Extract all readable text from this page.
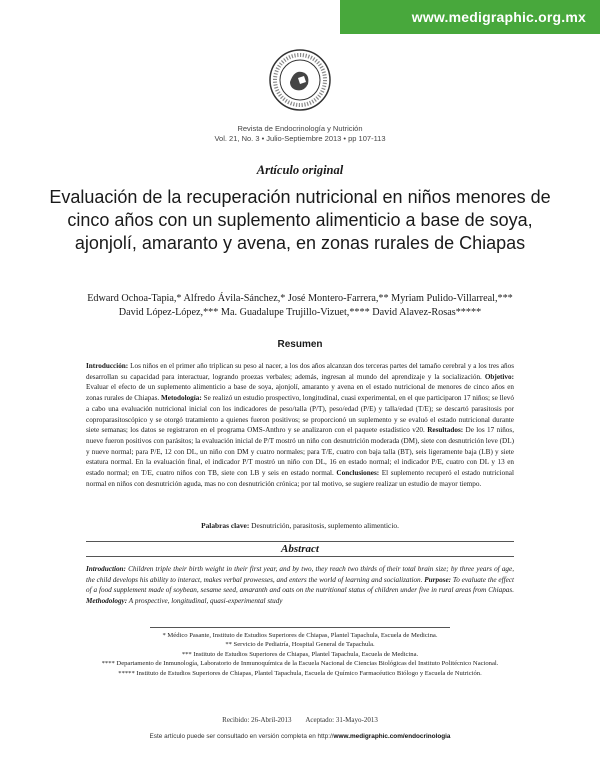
www.medigraphic.org.mx
Revista de Endocrinología y Nutrición
Vol. 21, No. 3 • Julio-Septiembre 2013 • pp 107-113
Artículo original
Evaluación de la recuperación nutricional en niños menores de cinco años con un suplemento alimenticio a base de soya, ajonjolí, amaranto y avena, en zonas rurales de Chiapas
Edward Ochoa-Tapia,* Alfredo Ávila-Sánchez,* José Montero-Farrera,** Myriam Pulido-Villarreal,***
David López-López,*** Ma. Guadalupe Trujillo-Vizuet,**** David Alavez-Rosas*****
Resumen

Introducción: Los niños en el primer año triplican su peso al nacer, a los dos años alcanzan dos terceras partes del tamaño cerebral y a los tres años desarrollan su capacidad para interactuar, logrando proezas verbales; además, ingresan al mundo del aprendizaje y la socialización. Objetivo: Evaluar el efecto de un suplemento alimenticio a base de soya, ajonjolí, amaranto y avena en el estado nutricional de menores de cinco años en zonas rurales de Chiapas. Metodología: Se realizó un estudio prospectivo, longitudinal, cuasi experimental, en el que participaron 17 niños; se llevó a cabo una evaluación nutricional inicial con los indicadores de peso/talla (P/T), peso/edad (P/E) y talla/edad (T/E); se descartó parasitosis por coproparasitoscópico y se otorgó tratamiento a quienes fueron positivos; se proporcionó un suplemento y se evaluó el estado nutricional durante siete semanas; los datos se registraron en el programa OMS-Anthro y se analizaron con el paquete estadístico v20. Resultados: De los 17 niños, nueve fueron positivos con parásitos; la evaluación inicial de P/T mostró un niño con desnutrición moderada (DM), siete con desnutrición leve (DL) y nueve normal; para P/E, 12 con DL, un niño con DM y cuatro normales; para T/E, cuatro con baja talla (BT), seis ligeramente baja (LB) y siete estatura normal. En la evaluación final, el indicador P/T mostró un niño con DL, 16 en estado normal; el indicador P/E, cuatro con DL y 13 en estado normal; en T/E, cuatro niños con TB, siete con LB y seis en estado normal. Conclusiones: El suplemento recuperó el estado nutricional normal en niños con desnutrición aguda, mas no con desnutrición crónica; por tal motivo, se sugiere realizar un estudio de mayor tiempo.

Palabras clave: Desnutrición, parasitosis, suplemento alimenticio.
Abstract

Introduction: Children triple their birth weight in their first year, and by two, they reach two thirds of their total brain size; by three years of age, the child develops his ability to interact, makes verbal prowesses, and enters the world of learning and socialization. Purpose: To evaluate the effect of a food supplement made of soybean, sesame seed, amaranth and oats on the nutritional status of children under five in rural areas from Chiapas. Methodology: A prospective, longitudinal, quasi-experimental study

* Médico Pasante, Instituto de Estudios Superiores de Chiapas, Plantel Tapachula, Escuela de Medicina.
** Servicio de Pediatría, Hospital General de Tapachula.
*** Instituto de Estudios Superiores de Chiapas, Plantel Tapachula, Escuela de Medicina.
**** Departamento de Inmunología, Laboratorio de Inmunoquímica de la Escuela Nacional de Ciencias Biológicas del Instituto Politécnico Nacional.
***** Instituto de Estudios Superiores de Chiapas, Plantel Tapachula, Escuela de Químico Farmacéutico Biólogo y Escuela de Nutrición.
Recibido: 26-Abril-2013 Aceptado: 31-Mayo-2013
Este artículo puede ser consultado en versión completa en http://www.medigraphic.com/endocrinologia
